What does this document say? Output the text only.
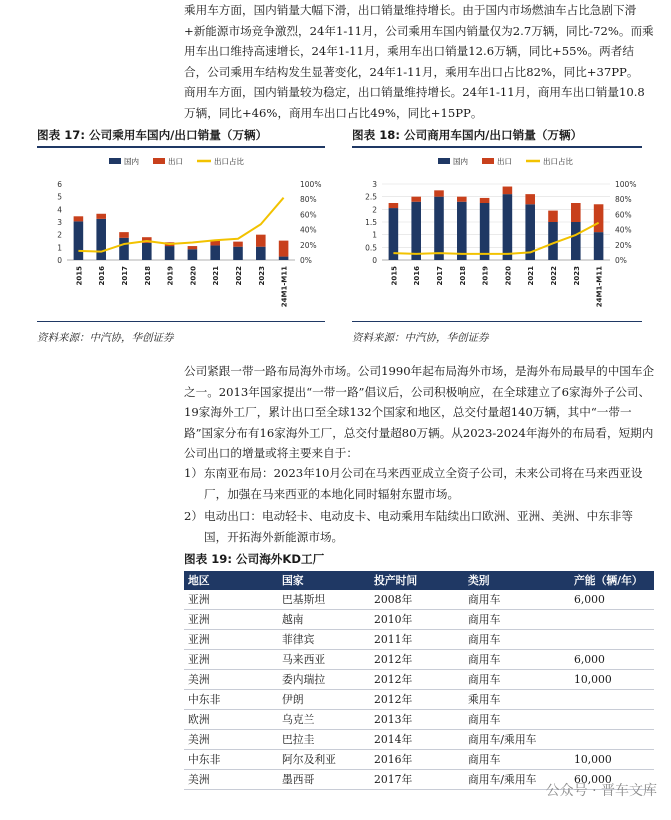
乘用车方面，国内销量大幅下滑，出口销量维持增长。由于国内市场燃油车占比急剧下滑+新能源市场竞争激烈，24年1-11月，公司乘用车国内销量仅为2.7万辆，同比-72%。而乘用车出口维持高速增长，24年1-11月，乘用车出口销量12.6万辆，同比+55%。两者结合，公司乘用车结构发生显著变化，24年1-11月，乘用车出口占比82%，同比+37PP。

商用车方面，国内销量较为稳定，出口销量维持增长。24年1-11月，商用车出口销量10.8万辆，同比+46%，商用车出口占比49%，同比+15PP。

图表 17: 公司乘用车国内/出口销量（万辆）
国内	出口	出口占比
0
1
2
3
4
5
6
0%
20%
40%
60%
80%
100%
2015 2016 2017 2018 2019 2020 2021 2022 2023 24M1-M11
资料来源：中汽协，华创证券
图表 18: 公司商用车国内/出口销量（万辆）
国内	出口	出口占比
0
0.5
1
1.5
2
2.5
3
0%
20%
40%
60%
80%
100%
2015 2016 2017 2018 2019 2020 2021 2022 2023 24M1-M11
资料来源：中汽协，华创证券

公司紧跟一带一路布局海外市场。公司1990年起布局海外市场，是海外布局最早的中国车企之一。2013年国家提出“一带一路”倡议后，公司积极响应，在全球建立了6家海外子公司、19家海外工厂，累计出口至全球132个国家和地区，总交付量超140万辆，其中“一带一路”国家分布有16家海外工厂，总交付量超80万辆。从2023-2024年海外的布局看，短期内公司出口的增量或将主要来自于：

1） 东南亚布局：2023年10月公司在马来西亚成立全资子公司，未来公司将在马来西亚设厂，加强在马来西亚的本地化同时辐射东盟市场。
2） 电动出口：电动轻卡、电动皮卡、电动乘用车陆续出口欧洲、亚洲、美洲、中东非等国，开拓海外新能源市场。
图表 19: 公司海外KD工厂
地区	国家	投产时间	类别	产能（辆/年）
亚洲	巴基斯坦	2008年	商用车	6,000
亚洲	越南	2010年	商用车	
亚洲	菲律宾	2011年	商用车	
亚洲	马来西亚	2012年	商用车	6,000
美洲	委内瑞拉	2012年	商用车	10,000
中东非	伊朗	2012年	乘用车	
欧洲	乌克兰	2013年	商用车	
美洲	巴拉圭	2014年	商用车/乘用车	
中东非	阿尔及利亚	2016年	商用车	10,000
美洲	墨西哥	2017年	商用车/乘用车	60,000
公众号 · 晋车文库
